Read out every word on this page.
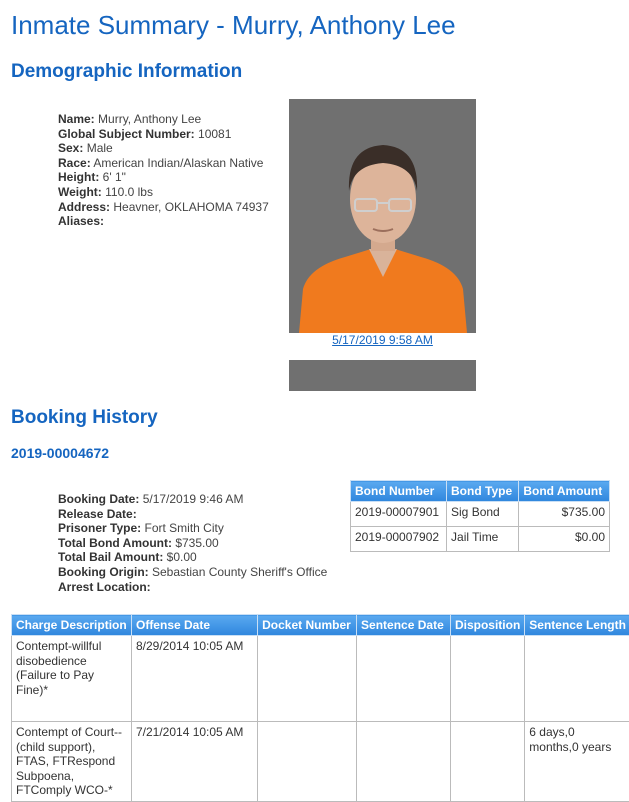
Inmate Summary - Murry, Anthony Lee
Demographic Information
Name: Murry, Anthony Lee
Global Subject Number: 10081
Sex: Male
Race: American Indian/Alaskan Native
Height: 6' 1"
Weight: 110.0 lbs
Address: Heavner, OKLAHOMA 74937
Aliases:
5/17/2019 9:58 AM
Booking History
2019-00004672
Booking Date: 5/17/2019 9:46 AM
Release Date:
Prisoner Type: Fort Smith City
Total Bond Amount: $735.00
Total Bail Amount: $0.00
Booking Origin: Sebastian County Sheriff's Office
Arrest Location:
Bond Number	Bond Type	Bond Amount
2019-00007901	Sig Bond	$735.00
2019-00007902	Jail Time	$0.00
Charge Description	Offense Date	Docket Number	Sentence Date	Disposition	Sentence Length
Contempt-willful disobedience (Failure to Pay Fine)*	8/29/2014 10:05 AM				
Contempt of Court--(child support), FTAS, FTRespond Subpoena, FTComply WCO-*	7/21/2014 10:05 AM				6 days,0 months,0 years
